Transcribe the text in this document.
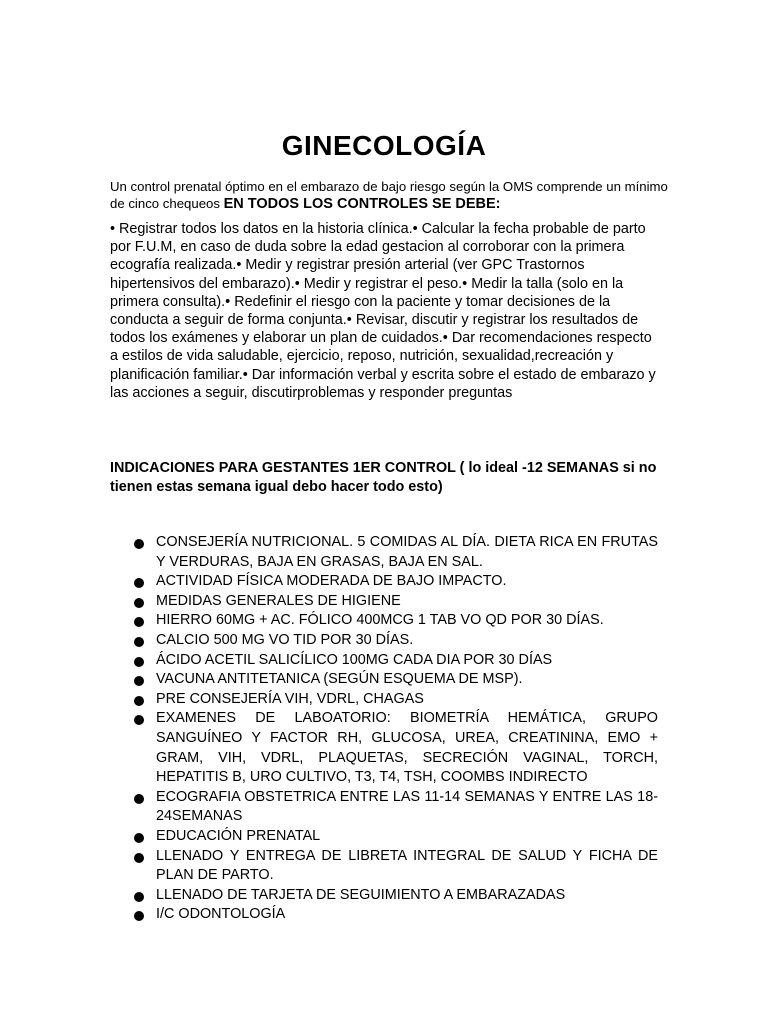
GINECOLOGÍA
Un control prenatal óptimo en el embarazo de bajo riesgo según la OMS comprende un mínimo de cinco chequeos EN TODOS LOS CONTROLES SE DEBE:
• Registrar todos los datos en la historia clínica.• Calcular la fecha probable de parto por F.U.M, en caso de duda sobre la edad gestacion al corroborar con la primera ecografía realizada.• Medir y registrar presión arterial (ver GPC Trastornos hipertensivos del embarazo).• Medir y registrar el peso.• Medir la talla (solo en la primera consulta).• Redefinir el riesgo con la paciente y tomar decisiones de la conducta a seguir de forma conjunta.• Revisar, discutir y registrar los resultados de todos los exámenes y elaborar un plan de cuidados.• Dar recomendaciones respecto a estilos de vida saludable, ejercicio, reposo, nutrición, sexualidad,recreación y planificación familiar.• Dar información verbal y escrita sobre el estado de embarazo y las acciones a seguir, discutirproblemas y responder preguntas
INDICACIONES PARA GESTANTES 1ER CONTROL ( lo ideal -12 SEMANAS si no tienen estas semana igual debo hacer todo esto)
CONSEJERÍA NUTRICIONAL. 5 COMIDAS AL DÍA. DIETA RICA EN FRUTAS Y VERDURAS, BAJA EN GRASAS, BAJA EN SAL.
ACTIVIDAD FÍSICA MODERADA DE BAJO IMPACTO.
MEDIDAS GENERALES DE HIGIENE
HIERRO 60MG + AC. FÓLICO 400MCG 1 TAB VO QD POR 30 DÍAS.
CALCIO 500 MG VO TID POR 30 DÍAS.
ÁCIDO ACETIL SALICÍLICO 100MG CADA DIA POR 30 DÍAS
VACUNA ANTITETANICA (SEGÚN ESQUEMA DE MSP).
PRE CONSEJERÍA VIH, VDRL, CHAGAS
EXAMENES DE LABOATORIO: BIOMETRÍA HEMÁTICA, GRUPO SANGUÍNEO Y FACTOR RH, GLUCOSA, UREA, CREATININA, EMO + GRAM, VIH, VDRL, PLAQUETAS, SECRECIÓN VAGINAL, TORCH, HEPATITIS B, URO CULTIVO, T3, T4, TSH, COOMBS INDIRECTO
ECOGRAFIA OBSTETRICA ENTRE LAS 11-14 SEMANAS Y ENTRE LAS 18-24SEMANAS
EDUCACIÓN PRENATAL
LLENADO Y ENTREGA DE LIBRETA INTEGRAL DE SALUD Y FICHA DE PLAN DE PARTO.
LLENADO DE TARJETA DE SEGUIMIENTO A EMBARAZADAS
I/C ODONTOLOGÍA
